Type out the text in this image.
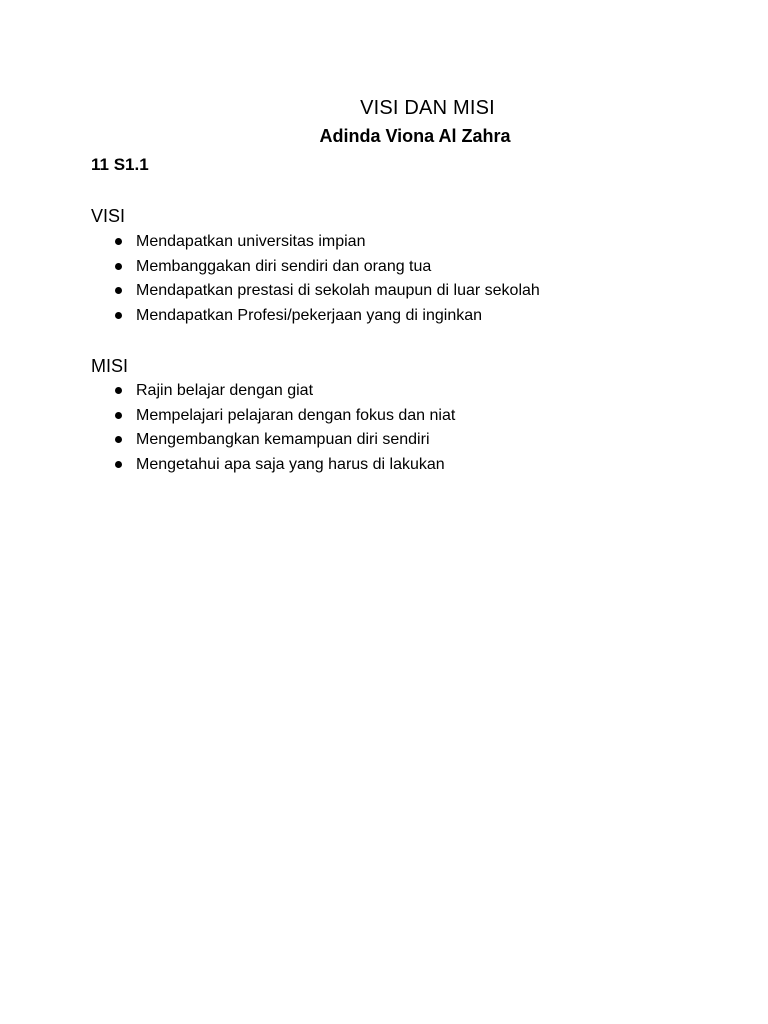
VISI DAN MISI
Adinda Viona Al Zahra
11 S1.1
VISI
Mendapatkan universitas impian
Membanggakan diri sendiri dan orang tua
Mendapatkan prestasi di sekolah maupun di luar sekolah
Mendapatkan Profesi/pekerjaan yang di inginkan
MISI
Rajin belajar dengan giat
Mempelajari pelajaran dengan fokus dan niat
Mengembangkan kemampuan diri sendiri
Mengetahui apa saja yang harus di lakukan
